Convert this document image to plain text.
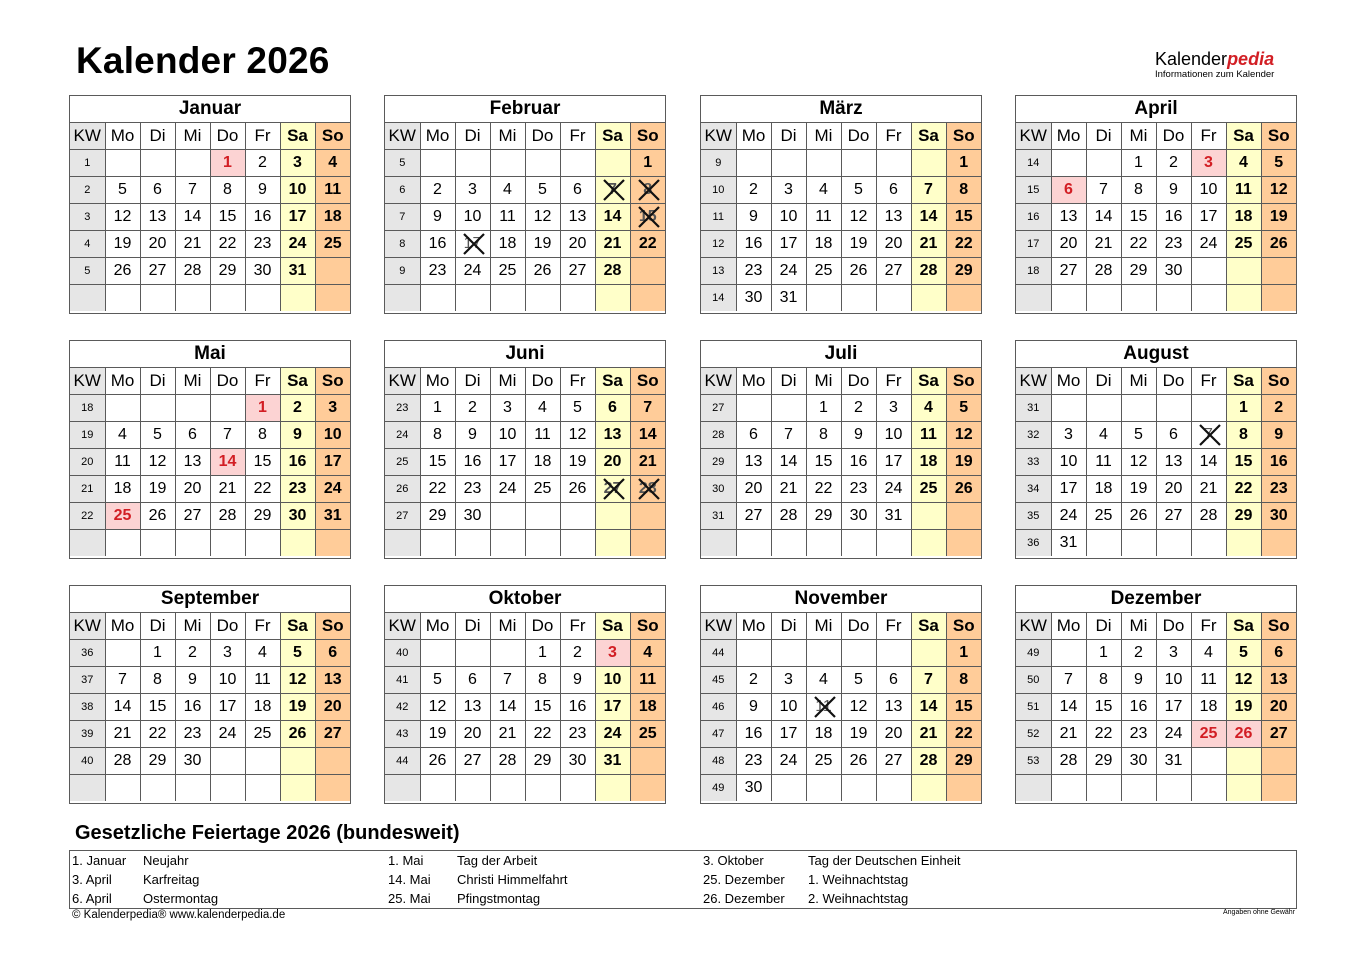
Kalender 2026	Kalenderpedia
Informationen zum Kalender
Januar
KW	Mo	Di	Mi	Do	Fr	Sa	So
1				1	2	3	4
2	5	6	7	8	9	10	11
3	12	13	14	15	16	17	18
4	19	20	21	22	23	24	25
5	26	27	28	29	30	31	

Februar
KW	Mo	Di	Mi	Do	Fr	Sa	So
5							1
6	2	3	4	5	6	7	8

7	9	10	11	12	13	14	15

8	16	17	18	19	20	21	22
9	23	24	25	26	27	28	

März
KW	Mo	Di	Mi	Do	Fr	Sa	So
9							1
10	2	3	4	5	6	7	8
11	9	10	11	12	13	14	15
12	16	17	18	19	20	21	22
13	23	24	25	26	27	28	29
14	30	31					
April
KW	Mo	Di	Mi	Do	Fr	Sa	So
14			1	2	3	4	5
15	6	7	8	9	10	11	12
16	13	14	15	16	17	18	19
17	20	21	22	23	24	25	26
18	27	28	29	30			

Mai
KW	Mo	Di	Mi	Do	Fr	Sa	So
18					1	2	3
19	4	5	6	7	8	9	10
20	11	12	13	14	15	16	17
21	18	19	20	21	22	23	24
22	25	26	27	28	29	30	31

Juni
KW	Mo	Di	Mi	Do	Fr	Sa	So
23	1	2	3	4	5	6	7
24	8	9	10	11	12	13	14
25	15	16	17	18	19	20	21
26	22	23	24	25	26	27	28

27	29	30					

Juli
KW	Mo	Di	Mi	Do	Fr	Sa	So
27			1	2	3	4	5
28	6	7	8	9	10	11	12
29	13	14	15	16	17	18	19
30	20	21	22	23	24	25	26
31	27	28	29	30	31		

August
KW	Mo	Di	Mi	Do	Fr	Sa	So
31						1	2
32	3	4	5	6	7	8	9
33	10	11	12	13	14	15	16
34	17	18	19	20	21	22	23
35	24	25	26	27	28	29	30
36	31						
September
KW	Mo	Di	Mi	Do	Fr	Sa	So
36		1	2	3	4	5	6
37	7	8	9	10	11	12	13
38	14	15	16	17	18	19	20
39	21	22	23	24	25	26	27
40	28	29	30				

Oktober
KW	Mo	Di	Mi	Do	Fr	Sa	So
40				1	2	3	4
41	5	6	7	8	9	10	11
42	12	13	14	15	16	17	18
43	19	20	21	22	23	24	25
44	26	27	28	29	30	31	

November
KW	Mo	Di	Mi	Do	Fr	Sa	So
44							1
45	2	3	4	5	6	7	8
46	9	10	11	12	13	14	15
47	16	17	18	19	20	21	22
48	23	24	25	26	27	28	29
49	30						
Dezember
KW	Mo	Di	Mi	Do	Fr	Sa	So
49		1	2	3	4	5	6
50	7	8	9	10	11	12	13
51	14	15	16	17	18	19	20
52	21	22	23	24	25	26	27
53	28	29	30	31			

Gesetzliche Feiertage 2026 (bundesweit)
1. Januar Neujahr
3. April Karfreitag
6. April Ostermontag
1. Mai	Tag der Arbeit
14. Mai Christi Himmelfahrt
25. Mai Pfingstmontag
3. Oktober	Tag der Deutschen Einheit
25. Dezember 1. Weihnachtstag
26. Dezember 2. Weihnachtstag
© Kalenderpedia® www.kalenderpedia.de	Angaben ohne Gewähr
